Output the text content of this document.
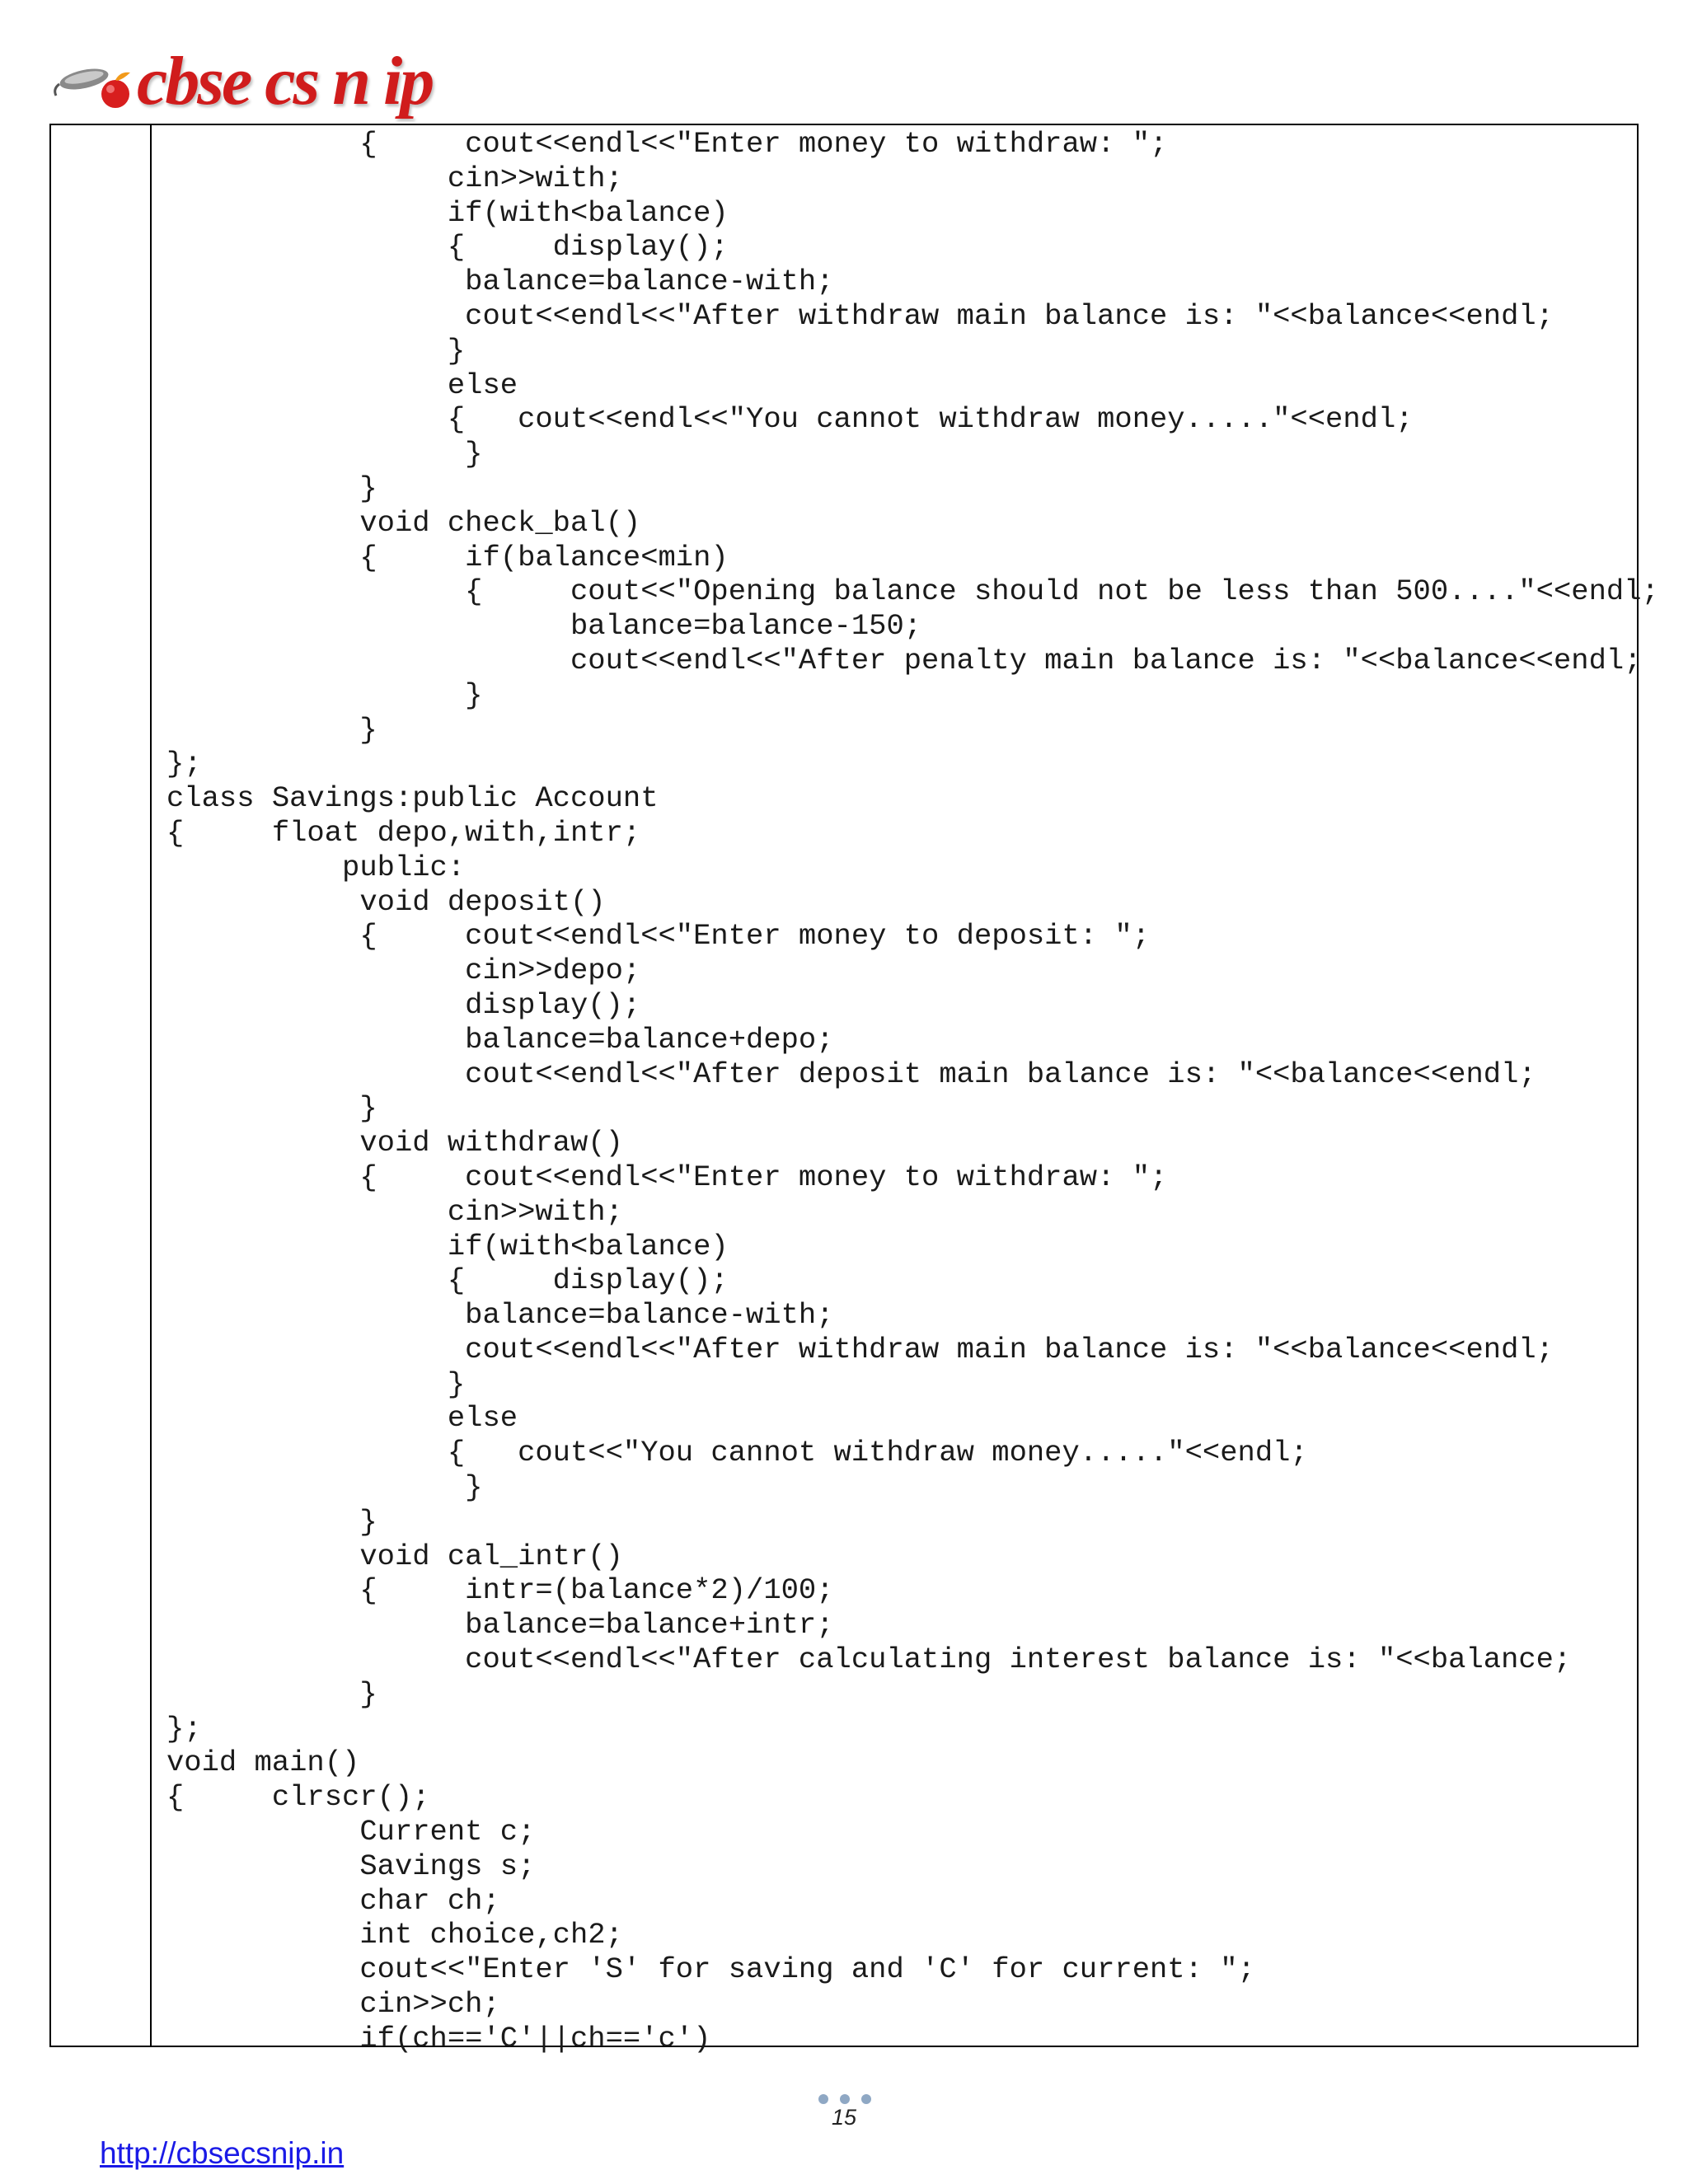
cbse cs n ip
{     cout<<endl<<"Enter money to withdraw: ";
cin>>with;
if(with<balance)
{     display();
balance=balance-with;
cout<<endl<<"After withdraw main balance is: "<<balance<<endl;
}
else
{   cout<<endl<<"You cannot withdraw money....."<<endl;
}
}
void check_bal()
{     if(balance<min)
{     cout<<"Opening balance should not be less than 500...."<<endl;
balance=balance-150;
cout<<endl<<"After penalty main balance is: "<<balance<<endl;
}
}
};
class Savings:public Account
{     float depo,with,intr;
public:
void deposit()
{     cout<<endl<<"Enter money to deposit: ";
cin>>depo;
display();
balance=balance+depo;
cout<<endl<<"After deposit main balance is: "<<balance<<endl;
}
void withdraw()
{     cout<<endl<<"Enter money to withdraw: ";
cin>>with;
if(with<balance)
{     display();
balance=balance-with;
cout<<endl<<"After withdraw main balance is: "<<balance<<endl;
}
else
{   cout<<"You cannot withdraw money....."<<endl;
}
}
void cal_intr()
{     intr=(balance*2)/100;
balance=balance+intr;
cout<<endl<<"After calculating interest balance is: "<<balance;
}
};
void main()
{     clrscr();
Current c;
Savings s;
char ch;
int choice,ch2;
cout<<"Enter 'S' for saving and 'C' for current: ";
cin>>ch;
if(ch=='C'||ch=='c')
15
http://cbsecsnip.in
